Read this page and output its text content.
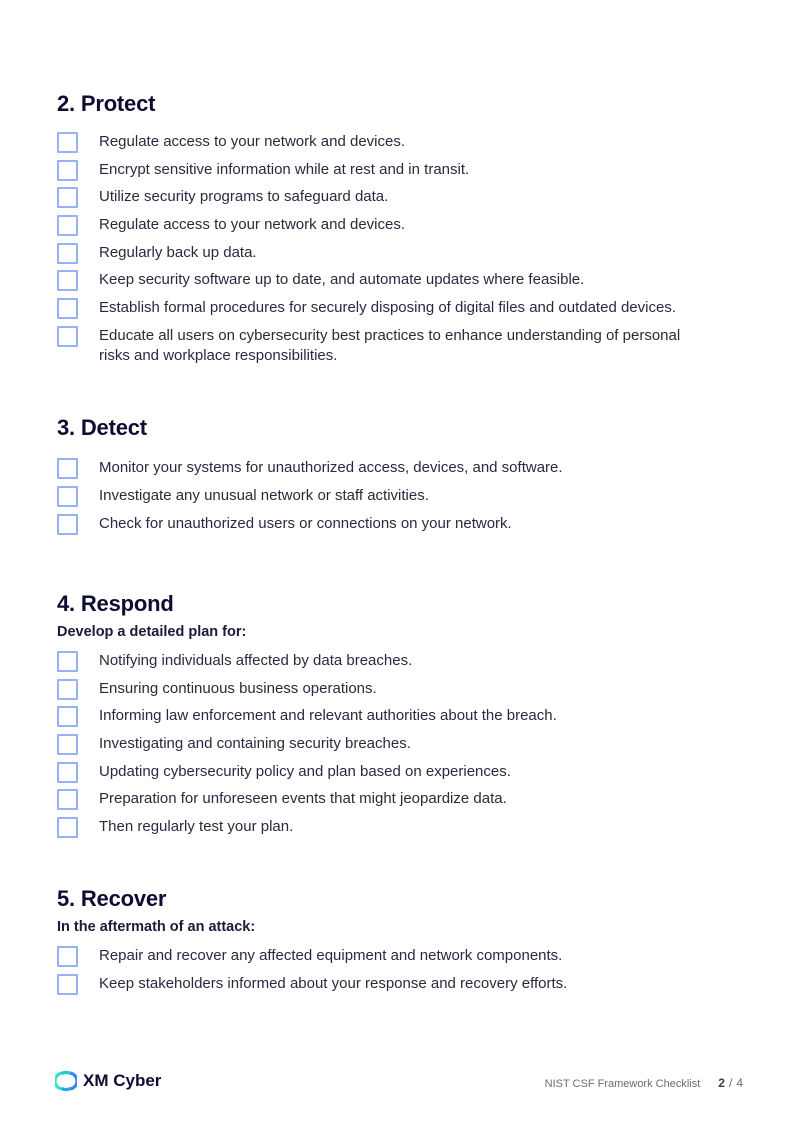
2. Protect
Regulate access to your network and devices.
Encrypt sensitive information while at rest and in transit.
Utilize security programs to safeguard data.
Regulate access to your network and devices.
Regularly back up data.
Keep security software up to date, and automate updates where feasible.
Establish formal procedures for securely disposing of digital files and outdated devices.
Educate all users on cybersecurity best practices to enhance understanding of personal risks and workplace responsibilities.
3. Detect
Monitor your systems for unauthorized access, devices, and software.
Investigate any unusual network or staff activities.
Check for unauthorized users or connections on your network.
4. Respond

Develop a detailed plan for:

Notifying individuals affected by data breaches.
Ensuring continuous business operations.
Informing law enforcement and relevant authorities about the breach.
Investigating and containing security breaches.
Updating cybersecurity policy and plan based on experiences.
Preparation for unforeseen events that might jeopardize data.
Then regularly test your plan.
5. Recover

In the aftermath of an attack:

Repair and recover any affected equipment and network components.
Keep stakeholders informed about your response and recovery efforts.
XM Cyber	NIST CSF Framework Checklist 2 / 4
